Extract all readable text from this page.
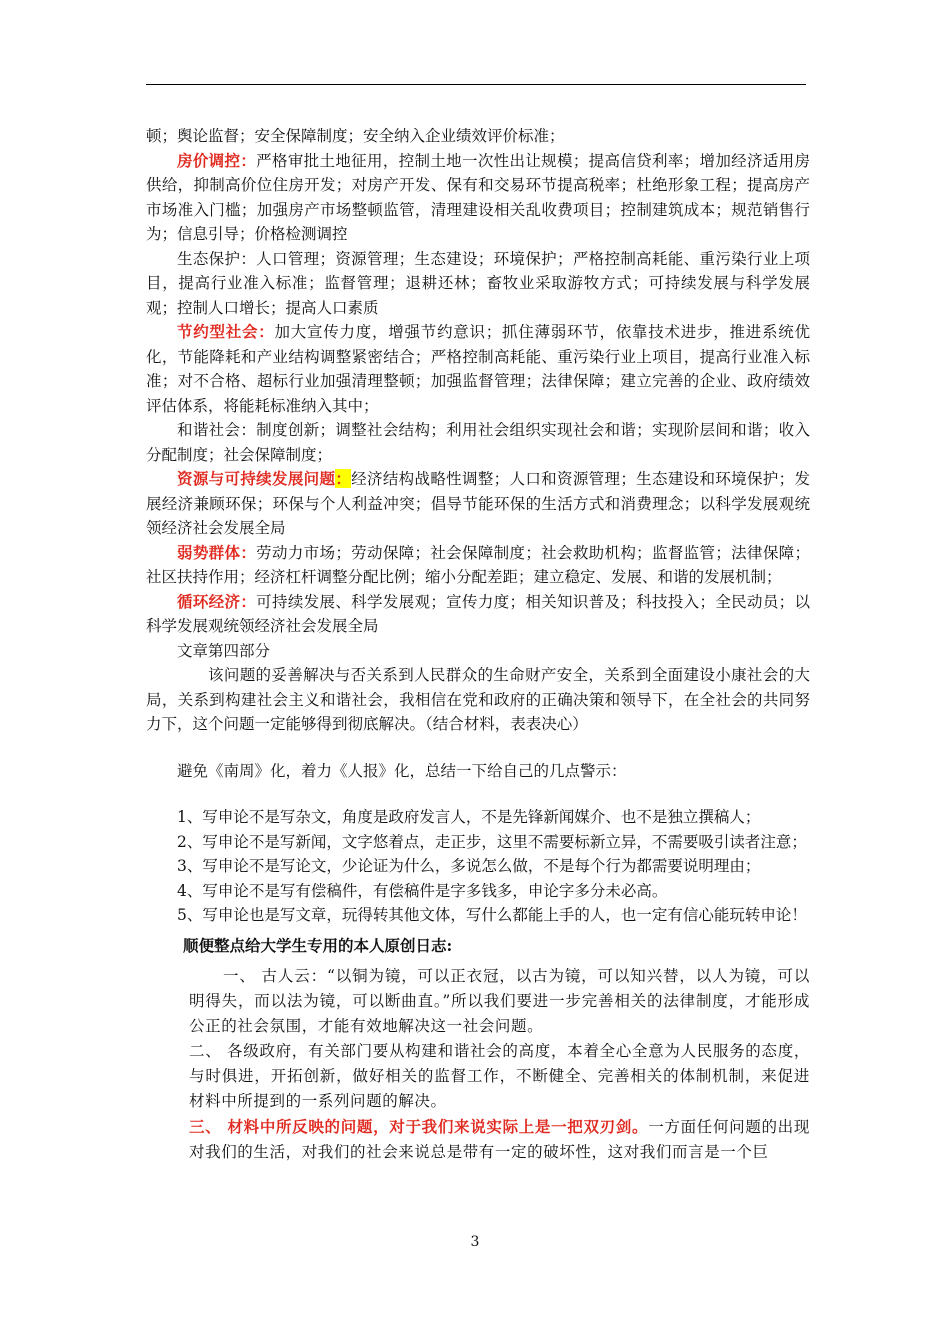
顿；舆论监督；安全保障制度；安全纳入企业绩效评价标准；

房价调控：严格审批土地征用，控制土地一次性出让规模；提高信贷利率；增加经济适用房供给，抑制高价位住房开发；对房产开发、保有和交易环节提高税率；杜绝形象工程；提高房产市场准入门槛；加强房产市场整顿监管，清理建设相关乱收费项目；控制建筑成本；规范销售行为；信息引导；价格检测调控

生态保护：人口管理；资源管理；生态建设；环境保护；严格控制高耗能、重污染行业上项目，提高行业准入标准；监督管理；退耕还林；畜牧业采取游牧方式；可持续发展与科学发展观；控制人口增长；提高人口素质

节约型社会：加大宣传力度，增强节约意识；抓住薄弱环节，依靠技术进步，推进系统优化，节能降耗和产业结构调整紧密结合；严格控制高耗能、重污染行业上项目，提高行业准入标准；对不合格、超标行业加强清理整顿；加强监督管理；法律保障；建立完善的企业、政府绩效评估体系，将能耗标准纳入其中；

和谐社会：制度创新；调整社会结构；利用社会组织实现社会和谐；实现阶层间和谐；收入分配制度；社会保障制度；

资源与可持续发展问题：经济结构战略性调整；人口和资源管理；生态建设和环境保护；发展经济兼顾环保；环保与个人利益冲突；倡导节能环保的生活方式和消费理念；以科学发展观统领经济社会发展全局

弱势群体：劳动力市场；劳动保障；社会保障制度；社会救助机构；监督监管；法律保障；社区扶持作用；经济杠杆调整分配比例；缩小分配差距；建立稳定、发展、和谐的发展机制；

循环经济：可持续发展、科学发展观；宣传力度；相关知识普及；科技投入；全民动员；以科学发展观统领经济社会发展全局

文章第四部分

该问题的妥善解决与否关系到人民群众的生命财产安全，关系到全面建设小康社会的大局，关系到构建社会主义和谐社会，我相信在党和政府的正确决策和领导下，在全社会的共同努力下，这个问题一定能够得到彻底解决。（结合材料，表表决心）

避免《南周》化，着力《人报》化，总结一下给自己的几点警示：

1、写申论不是写杂文，角度是政府发言人，不是先锋新闻媒介、也不是独立撰稿人；

2、写申论不是写新闻，文字悠着点，走正步，这里不需要标新立异，不需要吸引读者注意；

3、写申论不是写论文，少论证为什么，多说怎么做，不是每个行为都需要说明理由；

4、写申论不是写有偿稿件，有偿稿件是字多钱多，申论字多分未必高。

5、写申论也是写文章，玩得转其他文体，写什么都能上手的人，也一定有信心能玩转申论！

顺便整点给大学生专用的本人原创日志:

一、 古人云：“以铜为镜，可以正衣冠，以古为镜，可以知兴替，以人为镜，可以明得失，而以法为镜，可以断曲直。”所以我们要进一步完善相关的法律制度，才能形成公正的社会氛围，才能有效地解决这一社会问题。

二、 各级政府，有关部门要从构建和谐社会的高度，本着全心全意为人民服务的态度，与时俱进，开拓创新，做好相关的监督工作，不断健全、完善相关的体制机制，来促进材料中所提到的一系列问题的解决。

三、 材料中所反映的问题，对于我们来说实际上是一把双刃剑。一方面任何问题的出现对我们的生活，对我们的社会来说总是带有一定的破坏性，这对我们而言是一个巨

3
